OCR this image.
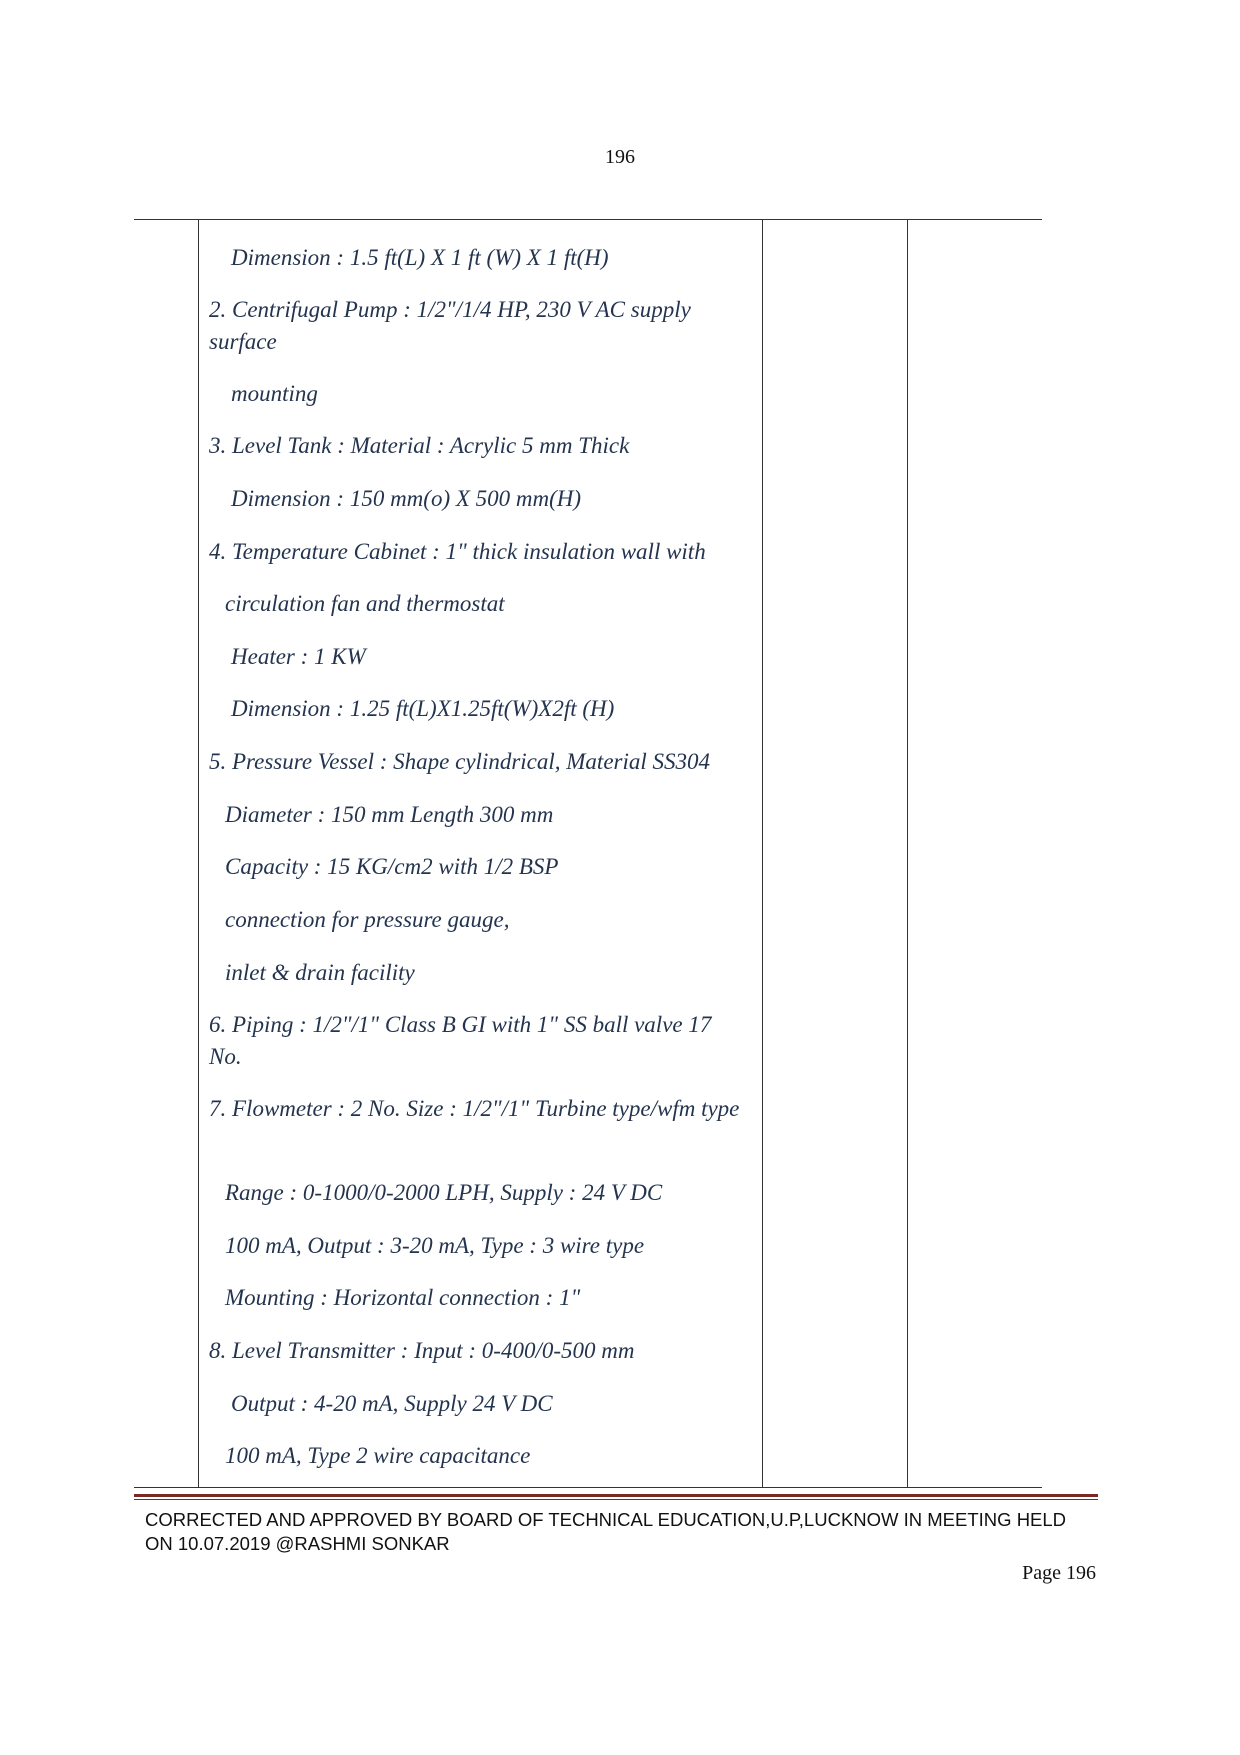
196
Dimension : 1.5 ft(L) X 1 ft (W) X 1 ft(H)
2. Centrifugal Pump : 1/2"/1/4 HP, 230 V AC supply surface
mounting
3. Level Tank : Material : Acrylic 5 mm Thick
Dimension : 150 mm(o) X 500 mm(H)
4. Temperature Cabinet : 1" thick insulation wall with
circulation fan and thermostat
Heater : 1 KW
Dimension : 1.25 ft(L)X1.25ft(W)X2ft (H)
5. Pressure Vessel : Shape cylindrical, Material SS304
Diameter : 150 mm Length 300 mm
Capacity : 15 KG/cm2 with 1/2 BSP
connection for pressure gauge,
inlet & drain facility
6. Piping : 1/2"/1" Class B GI with 1" SS ball valve 17 No.
7. Flowmeter : 2 No. Size : 1/2"/1" Turbine type/wfm type
Range : 0-1000/0-2000 LPH, Supply : 24 V DC
100 mA, Output : 3-20 mA, Type : 3 wire type
Mounting : Horizontal connection : 1"
8. Level Transmitter : Input : 0-400/0-500 mm
Output : 4-20 mA, Supply 24 V DC
100 mA, Type 2 wire capacitance
CORRECTED AND APPROVED BY BOARD OF TECHNICAL EDUCATION,U.P,LUCKNOW IN MEETING HELD ON 10.07.2019 @RASHMI SONKAR
Page 196
